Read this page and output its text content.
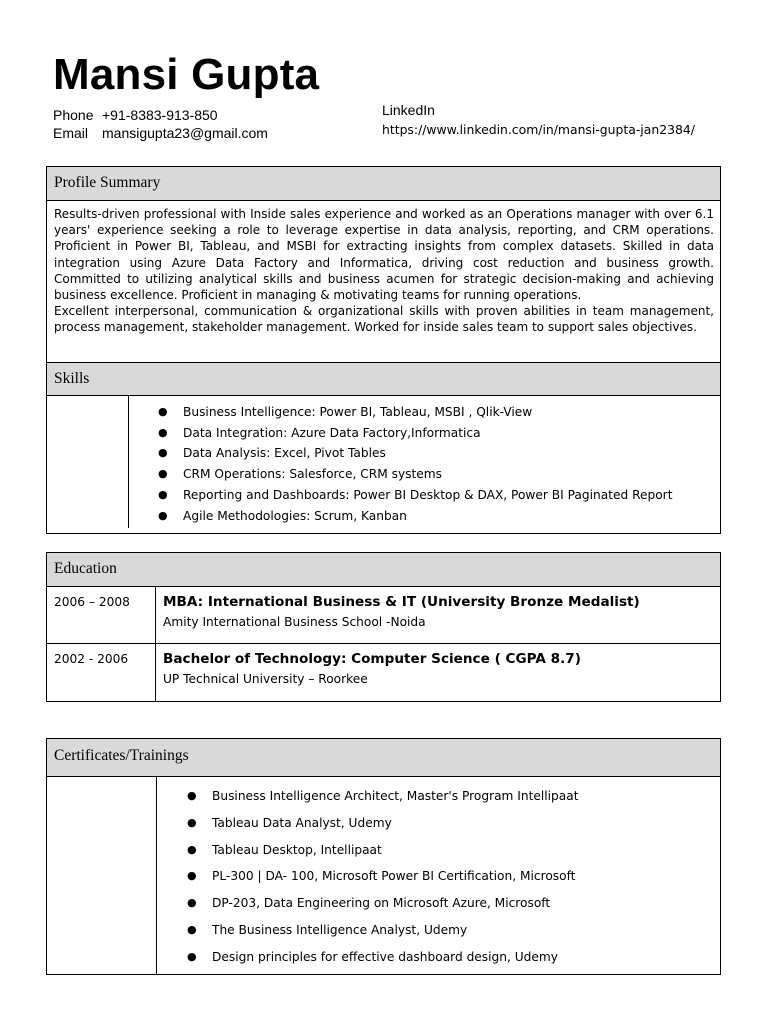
Mansi Gupta
Phone +91-8383-913-850
Email mansigupta23@gmail.com
LinkedIn
https://www.linkedin.com/in/mansi-gupta-jan2384/
Profile Summary

Results-driven professional with Inside sales experience and worked as an Operations manager with over 6.1 years' experience seeking a role to leverage expertise in data analysis, reporting, and CRM operations. Proficient in Power BI, Tableau, and MSBI for extracting insights from complex datasets. Skilled in data integration using Azure Data Factory and Informatica, driving cost reduction and business growth. Committed to utilizing analytical skills and business acumen for strategic decision-making and achieving business excellence. Proficient in managing & motivating teams for running operations.

Excellent interpersonal, communication & organizational skills with proven abilities in team management, process management, stakeholder management. Worked for inside sales team to support sales objectives.

Skills
● Business Intelligence: Power BI, Tableau, MSBI , Qlik-View
● Data Integration: Azure Data Factory,Informatica
● Data Analysis: Excel, Pivot Tables
● CRM Operations: Salesforce, CRM systems
● Reporting and Dashboards: Power BI Desktop & DAX, Power BI Paginated Report
● Agile Methodologies: Scrum, Kanban
Education
2006 – 2008	MBA: International Business & IT (University Bronze Medalist)
Amity International Business School -Noida
2002 - 2006	Bachelor of Technology: Computer Science ( CGPA 8.7)
UP Technical University – Roorkee
Certificates/Trainings
● Business Intelligence Architect, Master's Program Intellipaat
● Tableau Data Analyst, Udemy
● Tableau Desktop, Intellipaat
● PL-300 | DA- 100, Microsoft Power BI Certification, Microsoft
● DP-203, Data Engineering on Microsoft Azure, Microsoft
● The Business Intelligence Analyst, Udemy
● Design principles for effective dashboard design, Udemy
